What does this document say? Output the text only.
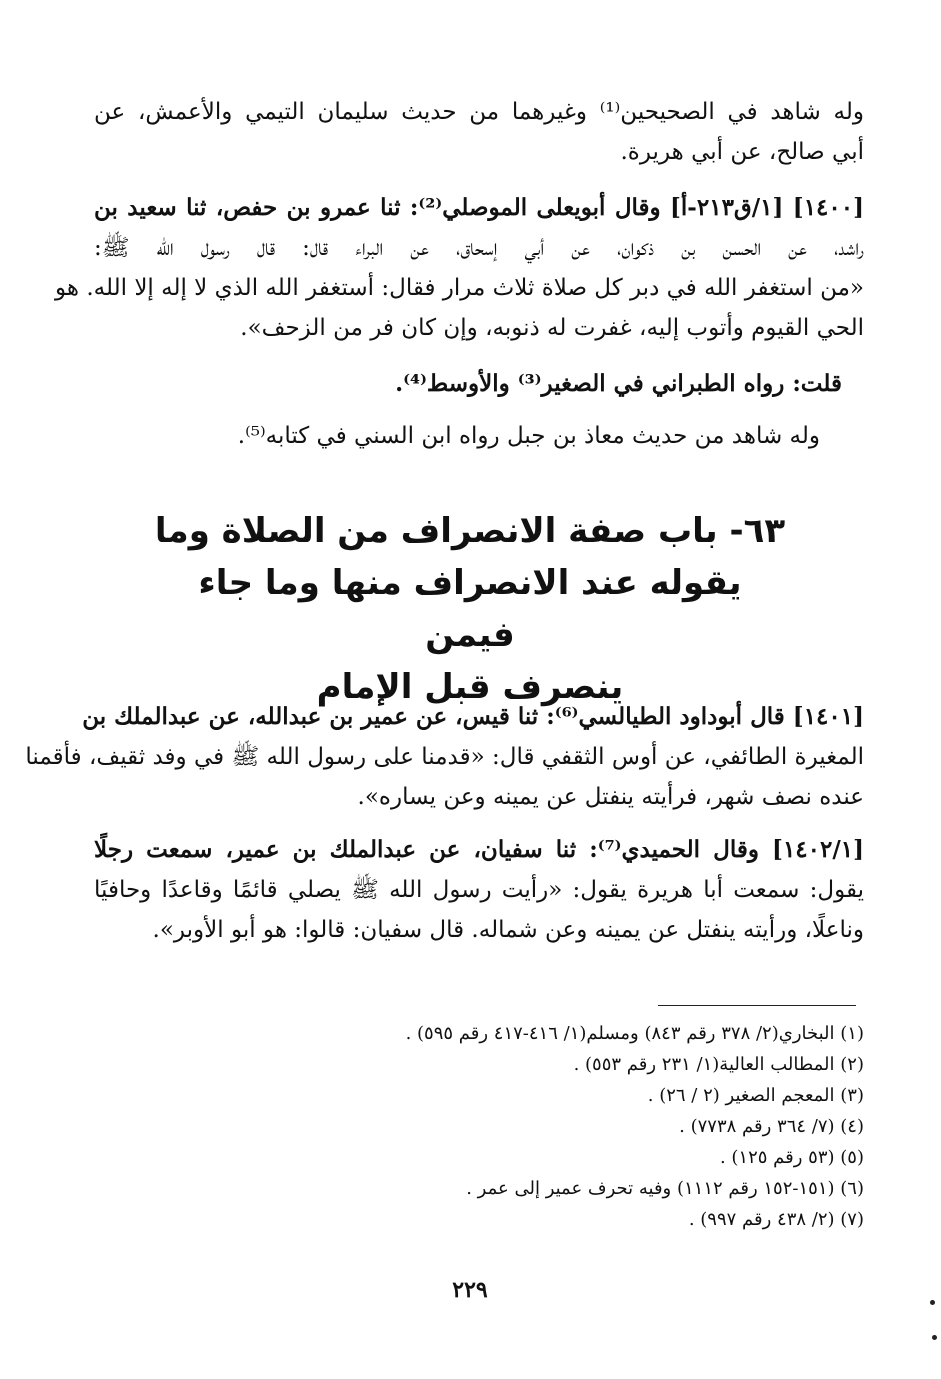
وله شاهد في الصحيحين⁽¹⁾ وغيرهما من حديث سليمان التيمي والأعمش، عن
أبي صالح، عن أبي هريرة.
[١٤٠٠] [١/ق٢١٣-أ] وقال أبويعلى الموصلي⁽²⁾: ثنا عمرو بن حفص، ثنا سعيد بن
راشد، عن الحسن بن ذكوان، عن أبي إسحاق، عن البراء قال: قال رسول الله ﷺ:
«من استغفر الله في دبر كل صلاة ثلاث مرار فقال: أستغفر الله الذي لا إله إلا الله. هو
الحي القيوم وأتوب إليه، غفرت له ذنوبه، وإن كان فر من الزحف».
قلت: رواه الطبراني في الصغير⁽³⁾ والأوسط⁽⁴⁾.
وله شاهد من حديث معاذ بن جبل رواه ابن السني في كتابه⁽⁵⁾.
٦٣- باب صفة الانصراف من الصلاة وما
يقوله عند الانصراف منها وما جاء فيمن
ينصرف قبل الإمام
[١٤٠١] قال أبوداود الطيالسي⁽⁶⁾: ثنا قيس، عن عمير بن عبدالله، عن عبدالملك بن
المغيرة الطائفي، عن أوس الثقفي قال: «قدمنا على رسول الله ﷺ في وفد ثقيف، فأقمنا
عنده نصف شهر، فرأيته ينفتل عن يمينه وعن يساره».
[١٤٠٢/١] وقال الحميدي⁽⁷⁾: ثنا سفيان، عن عبدالملك بن عمير، سمعت رجلًا
يقول: سمعت أبا هريرة يقول: «رأيت رسول الله ﷺ يصلي قائمًا وقاعدًا وحافيًا
وناعلًا، ورأيته ينفتل عن يمينه وعن شماله. قال سفيان: قالوا: هو أبو الأوبر».
(١) البخاري(٢/ ٣٧٨ رقم ٨٤٣) ومسلم(١/ ٤١٦-٤١٧ رقم ٥٩٥) .
(٢) المطالب العالية(١/ ٢٣١ رقم ٥٥٣) .
(٣) المعجم الصغير (٢ / ٢٦) .
(٤) (٧/ ٣٦٤ رقم ٧٧٣٨) .
(٥) (٥٣ رقم ١٢٥) .
(٦) (١٥١-١٥٢ رقم ١١١٢) وفيه تحرف عمير إلى عمر .
(٧) (٢/ ٤٣٨ رقم ٩٩٧) .
٢٢٩
